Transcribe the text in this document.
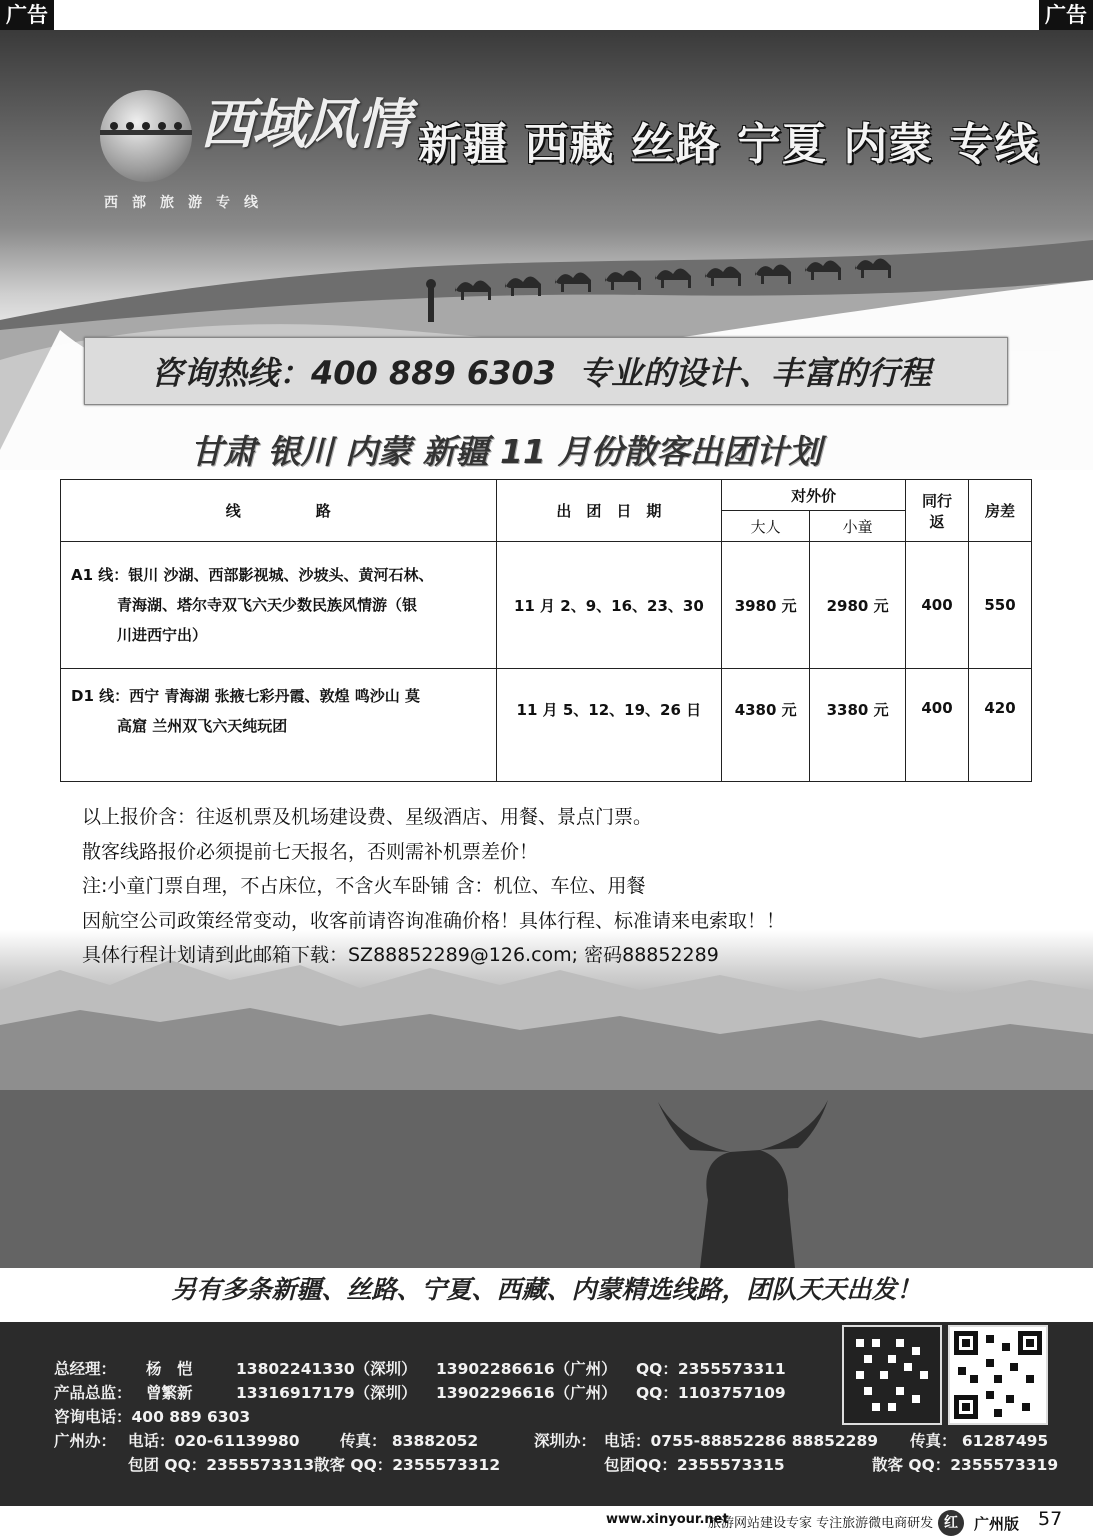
广告	广告
西域风情
西部旅游专线
新疆 西藏 丝路 宁夏 内蒙 专线
咨询热线：400 889 6303 专业的设计、丰富的行程
甘肃 银川 内蒙 新疆 11 月份散客出团计划
线　　　　　路	出　团　日　期	对外价		同行返	房差
		大人	小童		
A1 线：银川 沙湖、西部影视城、沙坡头、黄河石林、
青海湖、塔尔寺双飞六天少数民族风情游（银
川进西宁出）	11 月 2、9、16、23、30	3980 元	2980 元	400	550
D1 线：西宁 青海湖 张掖七彩丹霞、敦煌 鸣沙山 莫
高窟 兰州双飞六天纯玩团	11 月 5、12、19、26 日	4380 元	3380 元	400	420
以上报价含：往返机票及机场建设费、星级酒店、用餐、景点门票。
散客线路报价必须提前七天报名，否则需补机票差价！
注:小童门票自理，不占床位，不含火车卧铺 含：机位、车位、用餐
因航空公司政策经常变动，收客前请咨询准确价格！具体行程、标准请来电索取！！
具体行程计划请到此邮箱下载：SZ88852289@126.com; 密码88852289
另有多条新疆、丝路、宁夏、西藏、内蒙精选线路，团队天天出发！
总经理： 杨　恺	13802241330（深圳） 13902286616（广州） QQ：2355573311
产品总监： 曾繁新	13316917179（深圳） 13902296616（广州） QQ：1103757109
咨询电话：400 889 6303
广州办： 电话：020-61139980	传真： 83882052	深圳办： 电话：0755-88852286 88852289 传真： 61287495
包团 QQ：2355573313 散客 QQ：2355573312	包团QQ：2355573315	散客 QQ：2355573319
www.xinyour.net
旅游网站建设专家 专注旅游微电商研发 红	广州版 57
